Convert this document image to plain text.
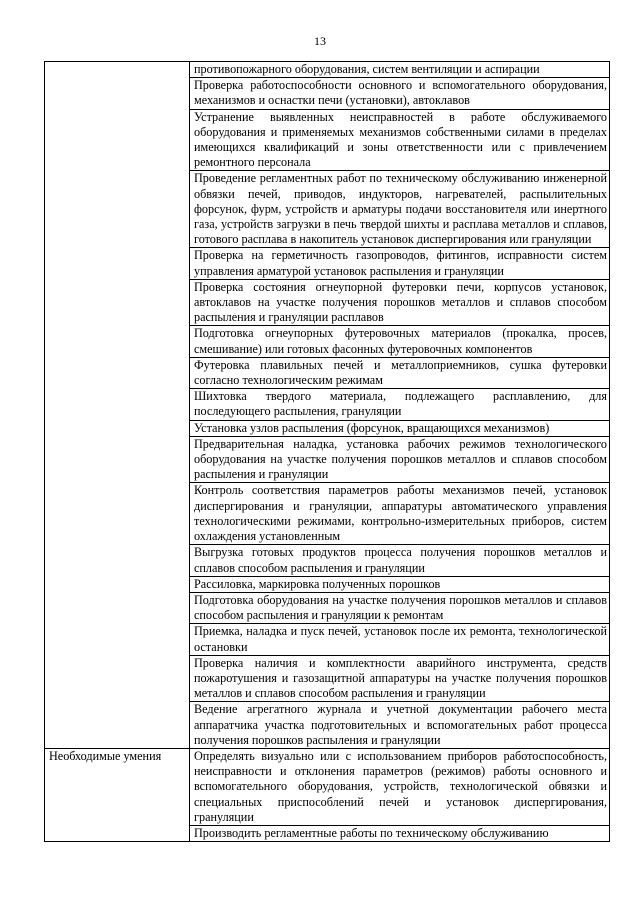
13
	противопожарного оборудования, систем вентиляции и аспирации
	Проверка работоспособности основного и вспомогательного оборудования, механизмов и оснастки печи (установки), автоклавов
	Устранение выявленных неисправностей в работе обслуживаемого оборудования и применяемых механизмов собственными силами в пределах имеющихся квалификаций и зоны ответственности или с привлечением ремонтного персонала
	Проведение регламентных работ по техническому обслуживанию инженерной обвязки печей, приводов, индукторов, нагревателей, распылительных форсунок, фурм, устройств и арматуры подачи восстановителя или инертного газа, устройств загрузки в печь твердой шихты и расплава металлов и сплавов, готового расплава в накопитель установок диспергирования или грануляции
	Проверка на герметичность газопроводов, фитингов, исправности систем управления арматурой установок распыления и грануляции
	Проверка состояния огнеупорной футеровки печи, корпусов установок, автоклавов на участке получения порошков металлов и сплавов способом распыления и грануляции расплавов
	Подготовка огнеупорных футеровочных материалов (прокалка, просев, смешивание) или готовых фасонных футеровочных компонентов
	Футеровка плавильных печей и металлоприемников, сушка футеровки согласно технологическим режимам
	Шихтовка твердого материала, подлежащего расплавлению, для последующего распыления, грануляции
	Установка узлов распыления (форсунок, вращающихся механизмов)
	Предварительная наладка, установка рабочих режимов технологического оборудования на участке получения порошков металлов и сплавов способом распыления и грануляции
	Контроль соответствия параметров работы механизмов печей, установок диспергирования и грануляции, аппаратуры автоматического управления технологическими режимами, контрольно-измерительных приборов, систем охлаждения установленным
	Выгрузка готовых продуктов процесса получения порошков металлов и сплавов способом распыления и грануляции
	Рассиловка, маркировка полученных порошков
	Подготовка оборудования на участке получения порошков металлов и сплавов способом распыления и грануляции к ремонтам
	Приемка, наладка и пуск печей, установок после их ремонта, технологической остановки
	Проверка наличия и комплектности аварийного инструмента, средств пожаротушения и газозащитной аппаратуры на участке получения порошков металлов и сплавов способом распыления и грануляции
	Ведение агрегатного журнала и учетной документации рабочего места аппаратчика участка подготовительных и вспомогательных работ процесса получения порошков распыления и грануляции
Необходимые умения	Определять визуально или с использованием приборов работоспособность, неисправности и отклонения параметров (режимов) работы основного и вспомогательного оборудования, устройств, технологической обвязки и специальных приспособлений печей и установок диспергирования, грануляции
	Производить регламентные работы по техническому обслуживанию
